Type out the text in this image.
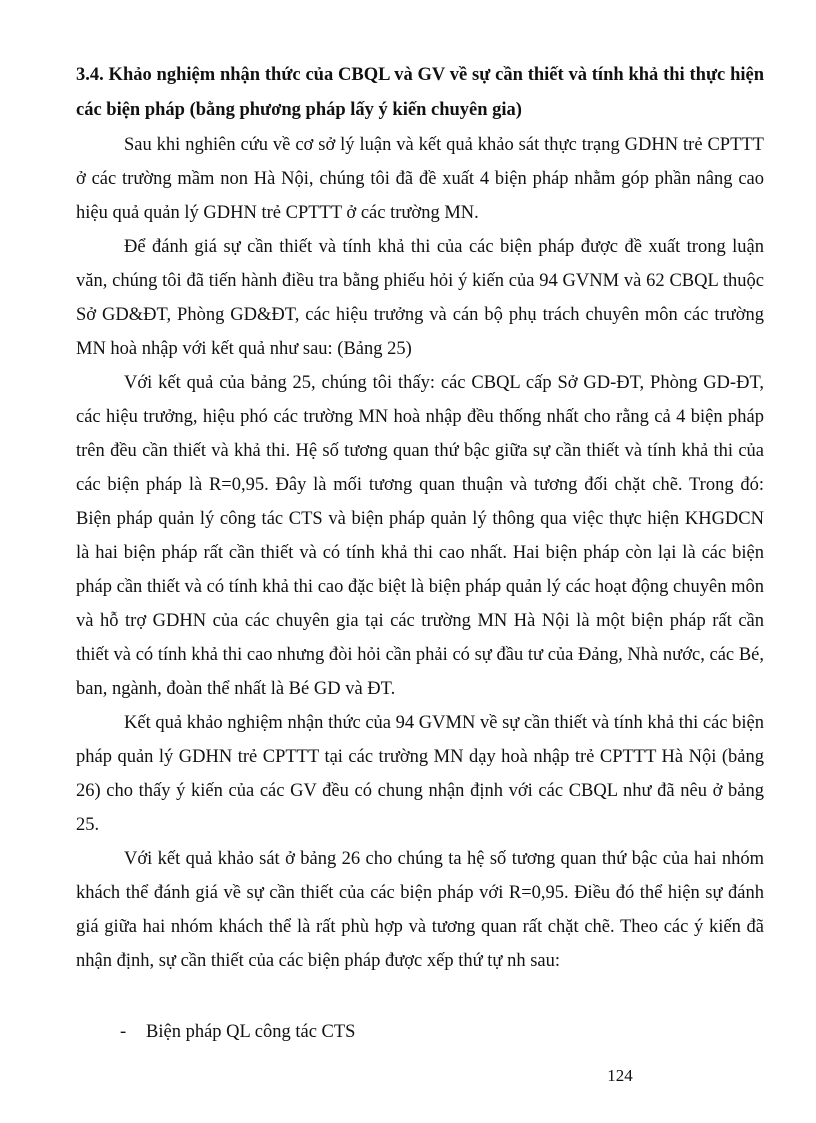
3.4. Khảo nghiệm nhận thức của CBQL và GV về sự cần thiết và tính khả thi thực hiện các biện pháp (bằng phương pháp lấy ý kiến chuyên gia)

Sau khi nghiên cứu về cơ sở lý luận và kết quả khảo sát thực trạng GDHN trẻ CPTTT ở các trường mầm non Hà Nội, chúng tôi đã đề xuất 4 biện pháp nhằm góp phần nâng cao hiệu quả quản lý GDHN trẻ CPTTT ở các trường MN.

Để đánh giá sự cần thiết và tính khả thi của các biện pháp được đề xuất trong luận văn, chúng tôi đã tiến hành điều tra bằng phiếu hỏi ý kiến của 94 GVNM và 62 CBQL thuộc Sở GD&ĐT, Phòng GD&ĐT, các hiệu trưởng và cán bộ phụ trách chuyên môn các trường MN hoà nhập với kết quả như sau: (Bảng 25)

Với kết quả của bảng 25, chúng tôi thấy: các CBQL cấp Sở GD-ĐT, Phòng GD-ĐT, các hiệu trưởng, hiệu phó các trường MN hoà nhập đều thống nhất cho rằng cả 4 biện pháp trên đều cần thiết và khả thi. Hệ số tương quan thứ bậc giữa sự cần thiết và tính khả thi của các biện pháp là R=0,95. Đây là mối tương quan thuận và tương đối chặt chẽ. Trong đó: Biện pháp quản lý công tác CTS và biện pháp quản lý thông qua việc thực hiện KHGDCN là hai biện pháp rất cần thiết và có tính khả thi cao nhất. Hai biện pháp còn lại là các biện pháp cần thiết và có tính khả thi cao đặc biệt là biện pháp quản lý các hoạt động chuyên môn và hỗ trợ GDHN của các chuyên gia tại các trường MN Hà Nội là một biện pháp rất cần thiết và có tính khả thi cao nhưng đòi hỏi cần phải có sự đầu tư của Đảng, Nhà nước, các Bé, ban, ngành, đoàn thể nhất là Bé GD và ĐT.

Kết quả khảo nghiệm nhận thức của 94 GVMN về sự cần thiết và tính khả thi các biện pháp quản lý GDHN trẻ CPTTT tại các trường MN dạy hoà nhập trẻ CPTTT Hà Nội (bảng 26) cho thấy ý kiến của các GV đều có chung nhận định với các CBQL như đã nêu ở bảng 25.

Với kết quả khảo sát ở bảng 26 cho chúng ta hệ số tương quan thứ bậc của hai nhóm khách thể đánh giá về sự cần thiết của các biện pháp với R=0,95. Điều đó thể hiện sự đánh giá giữa hai nhóm khách thể là rất phù hợp và tương quan rất chặt chẽ. Theo các ý kiến đã nhận định, sự cần thiết của các biện pháp được xếp thứ tự nh sau:

-	Biện pháp QL công tác CTS
124
